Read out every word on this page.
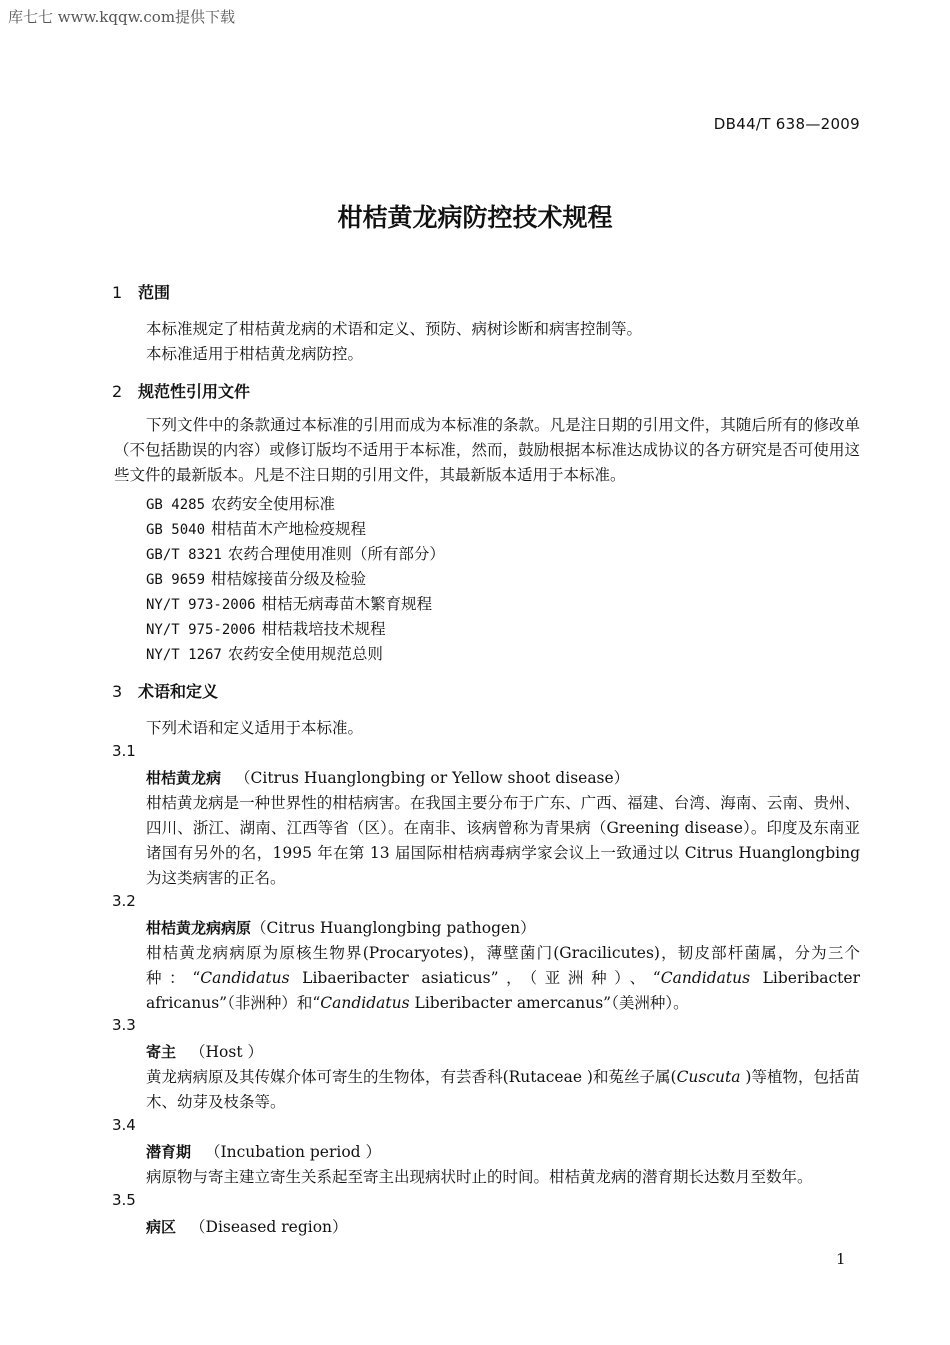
库七七 www.kqqw.com提供下载
DB44/T 638—2009
柑桔黄龙病防控技术规程
1 范围
本标准规定了柑桔黄龙病的术语和定义、预防、病树诊断和病害控制等。
本标准适用于柑桔黄龙病防控。
2 规范性引用文件
下列文件中的条款通过本标准的引用而成为本标准的条款。凡是注日期的引用文件，其随后所有的修改单（不包括勘误的内容）或修订版均不适用于本标准，然而，鼓励根据本标准达成协议的各方研究是否可使用这些文件的最新版本。凡是不注日期的引用文件，其最新版本适用于本标准。
GB 4285 农药安全使用标准
GB 5040 柑桔苗木产地检疫规程
GB/T 8321 农药合理使用准则（所有部分）
GB 9659 柑桔嫁接苗分级及检验
NY/T 973-2006 柑桔无病毒苗木繁育规程
NY/T 975-2006 柑桔栽培技术规程
NY/T 1267 农药安全使用规范总则
3 术语和定义
下列术语和定义适用于本标准。
3.1
柑桔黄龙病 （Citrus Huanglongbing or Yellow shoot disease）
柑桔黄龙病是一种世界性的柑桔病害。在我国主要分布于广东、广西、福建、台湾、海南、云南、贵州、四川、浙江、湖南、江西等省（区）。在南非、该病曾称为青果病（Greening disease）。印度及东南亚诸国有另外的名，1995 年在第 13 届国际柑桔病毒病学家会议上一致通过以 Citrus Huanglongbing 为这类病害的正名。
3.2
柑桔黄龙病病原（Citrus Huanglongbing pathogen）
柑桔黄龙病病原为原核生物界(Procaryotes)，薄壁菌门(Gracilicutes)，韧皮部杆菌属，分为三个种：“Candidatus Libaeribacter asiaticus”，（亚洲种）、“Candidatus Liberibacter africanus”（非洲种）和“Candidatus Liberibacter amercanus”（美洲种）。
3.3
寄主 （Host ）
黄龙病病原及其传媒介体可寄生的生物体，有芸香科(Rutaceae )和菟丝子属(Cuscuta )等植物，包括苗木、幼芽及枝条等。
3.4
潜育期 （Incubation period ）
病原物与寄主建立寄生关系起至寄主出现病状时止的时间。柑桔黄龙病的潜育期长达数月至数年。
3.5
病区 （Diseased region）
1
